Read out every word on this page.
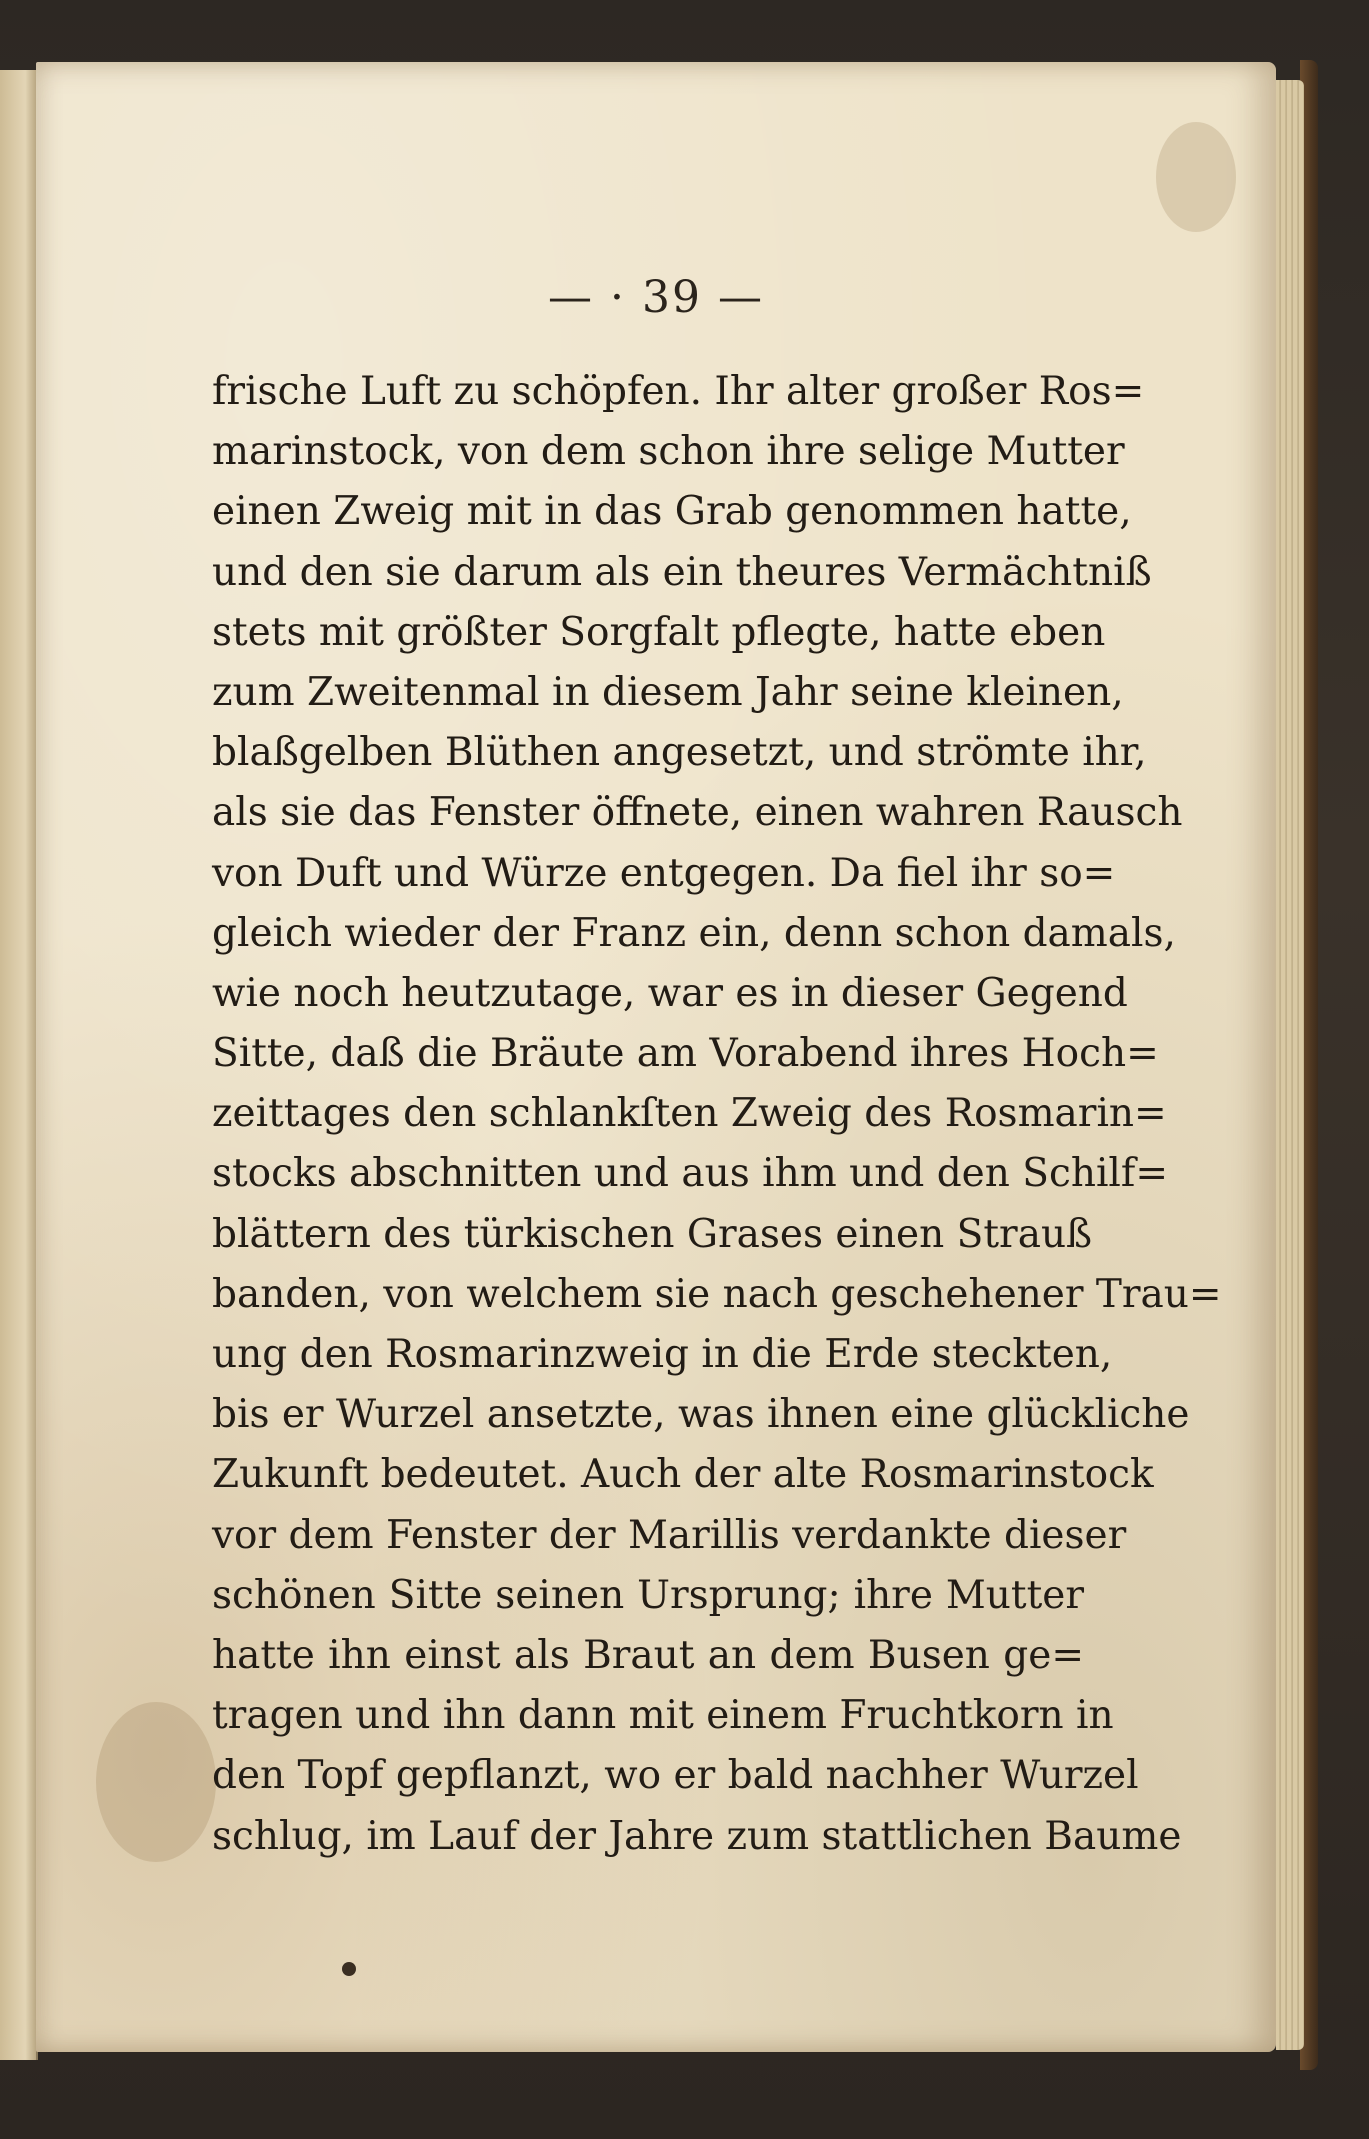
— · 39 —
frische Luft zu schöpfen. Ihr alter großer Ros=
marinstock, von dem schon ihre selige Mutter
einen Zweig mit in das Grab genommen hatte,
und den sie darum als ein theures Vermächtniß
stets mit größter Sorgfalt pflegte, hatte eben
zum Zweitenmal in diesem Jahr seine kleinen,
blaßgelben Blüthen angesetzt, und strömte ihr,
als sie das Fenster öffnete, einen wahren Rausch
von Duft und Würze entgegen. Da fiel ihr so=
gleich wieder der Franz ein, denn schon damals,
wie noch heutzutage, war es in dieser Gegend
Sitte, daß die Bräute am Vorabend ihres Hoch=
zeittages den schlankſten Zweig des Rosmarin=
stocks abschnitten und aus ihm und den Schilf=
blättern des türkischen Grases einen Strauß
banden, von welchem sie nach geschehener Trau=
ung den Rosmarinzweig in die Erde steckten,
bis er Wurzel ansetzte, was ihnen eine glückliche
Zukunft bedeutet. Auch der alte Rosmarinstock
vor dem Fenster der Marillis verdankte dieser
schönen Sitte seinen Ursprung; ihre Mutter
hatte ihn einst als Braut an dem Busen ge=
tragen und ihn dann mit einem Fruchtkorn in
den Topf gepflanzt, wo er bald nachher Wurzel
schlug, im Lauf der Jahre zum stattlichen Baume
